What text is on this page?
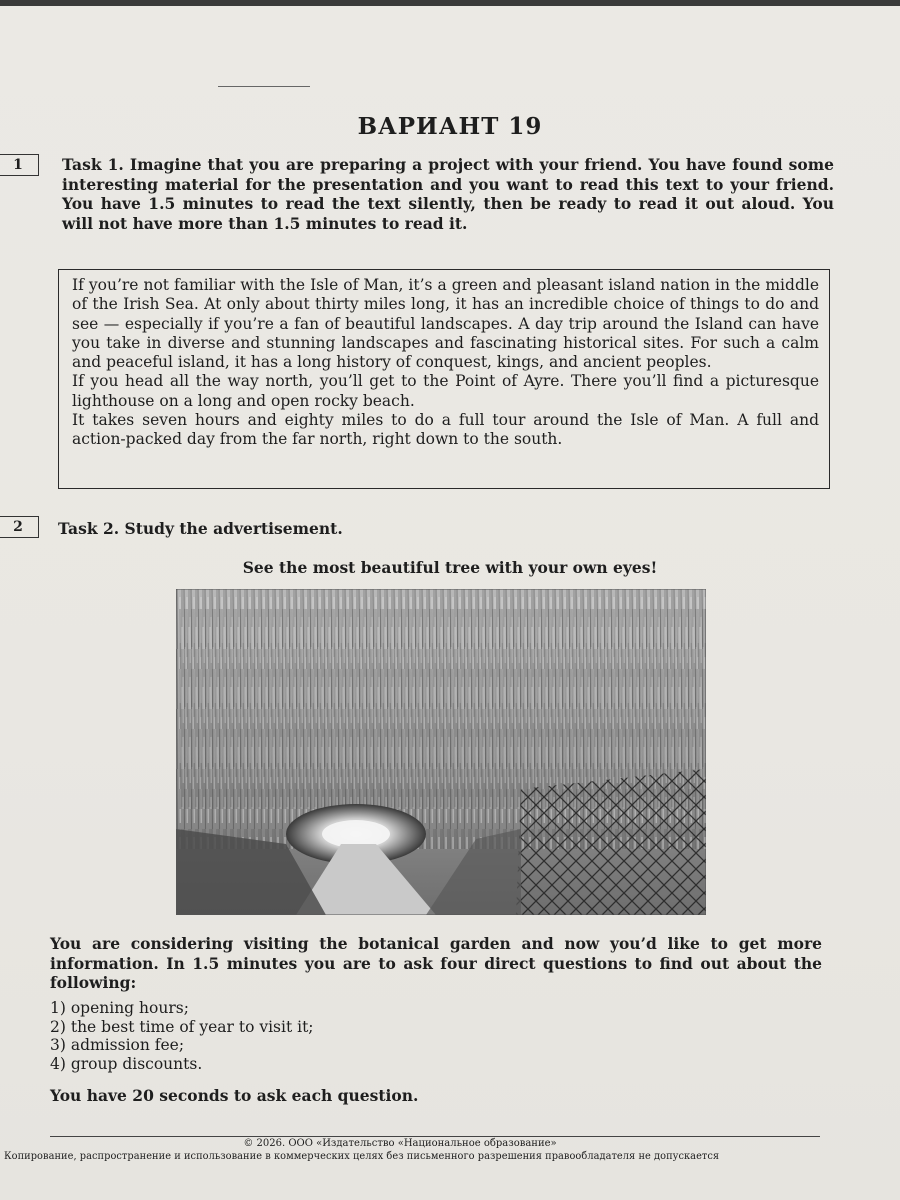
ВАРИАНТ 19
1	Task 1. Imagine that you are preparing a project with your friend. You have found some interesting material for the presentation and you want to read this text to your friend. You have 1.5 minutes to read the text silently, then be ready to read it out aloud. You will not have more than 1.5 minutes to read it.

If you’re not familiar with the Isle of Man, it’s a green and pleasant island nation in the middle of the Irish Sea. At only about thirty miles long, it has an incredible choice of things to do and see — especially if you’re a fan of beautiful landscapes. A day trip around the Island can have you take in diverse and stunning landscapes and fascinating historical sites. For such a calm and peaceful island, it has a long history of conquest, kings, and ancient peoples.

If you head all the way north, you’ll get to the Point of Ayre. There you’ll find a picturesque lighthouse on a long and open rocky beach.

It takes seven hours and eighty miles to do a full tour around the Isle of Man. A full and action-packed day from the far north, right down to the south.

2	Task 2. Study the advertisement.
See the most beautiful tree with your own eyes!
You are considering visiting the botanical garden and now you’d like to get more information. In 1.5 minutes you are to ask four direct questions to find out about the following:
1) opening hours;
2) the best time of year to visit it;
3) admission fee;
4) group discounts.
You have 20 seconds to ask each question.
© 2026. ООО «Издательство «Национальное образование»
Копирование, распространение и использование в коммерческих целях без письменного разрешения правообладателя не допускается
